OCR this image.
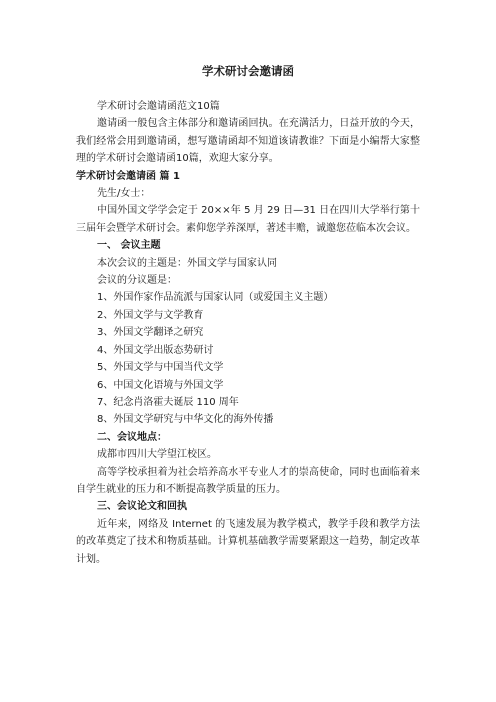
学术研讨会邀请函

学术研讨会邀请函范文10篇

邀请函一般包含主体部分和邀请函回执。在充满活力，日益开放的今天，我们经常会用到邀请函，想写邀请函却不知道该请教谁？下面是小编帮大家整理的学术研讨会邀请函10篇，欢迎大家分享。

学术研讨会邀请函 篇 1

先生/女士：

中国外国文学学会定于 20××年 5 月 29 日—31 日在四川大学举行第十三届年会暨学术研讨会。素仰您学养深厚，著述丰赡，诚邀您莅临本次会议。

一、 会议主题

本次会议的主题是：外国文学与国家认同

会议的分议题是：

1、外国作家作品流派与国家认同（或爱国主义主题）

2、外国文学与文学教育

3、外国文学翻译之研究

4、外国文学出版态势研讨

5、外国文学与中国当代文学

6、中国文化语境与外国文学

7、纪念肖洛霍夫诞辰 110 周年

8、外国文学研究与中华文化的海外传播

二、会议地点：

成都市四川大学望江校区。

高等学校承担着为社会培养高水平专业人才的崇高使命，同时也面临着来自学生就业的压力和不断提高教学质量的压力。

三、会议论文和回执

近年来，网络及 Internet 的飞速发展为教学模式，教学手段和教学方法的改革奠定了技术和物质基础。计算机基础教学需要紧跟这一趋势，制定改革计划。
